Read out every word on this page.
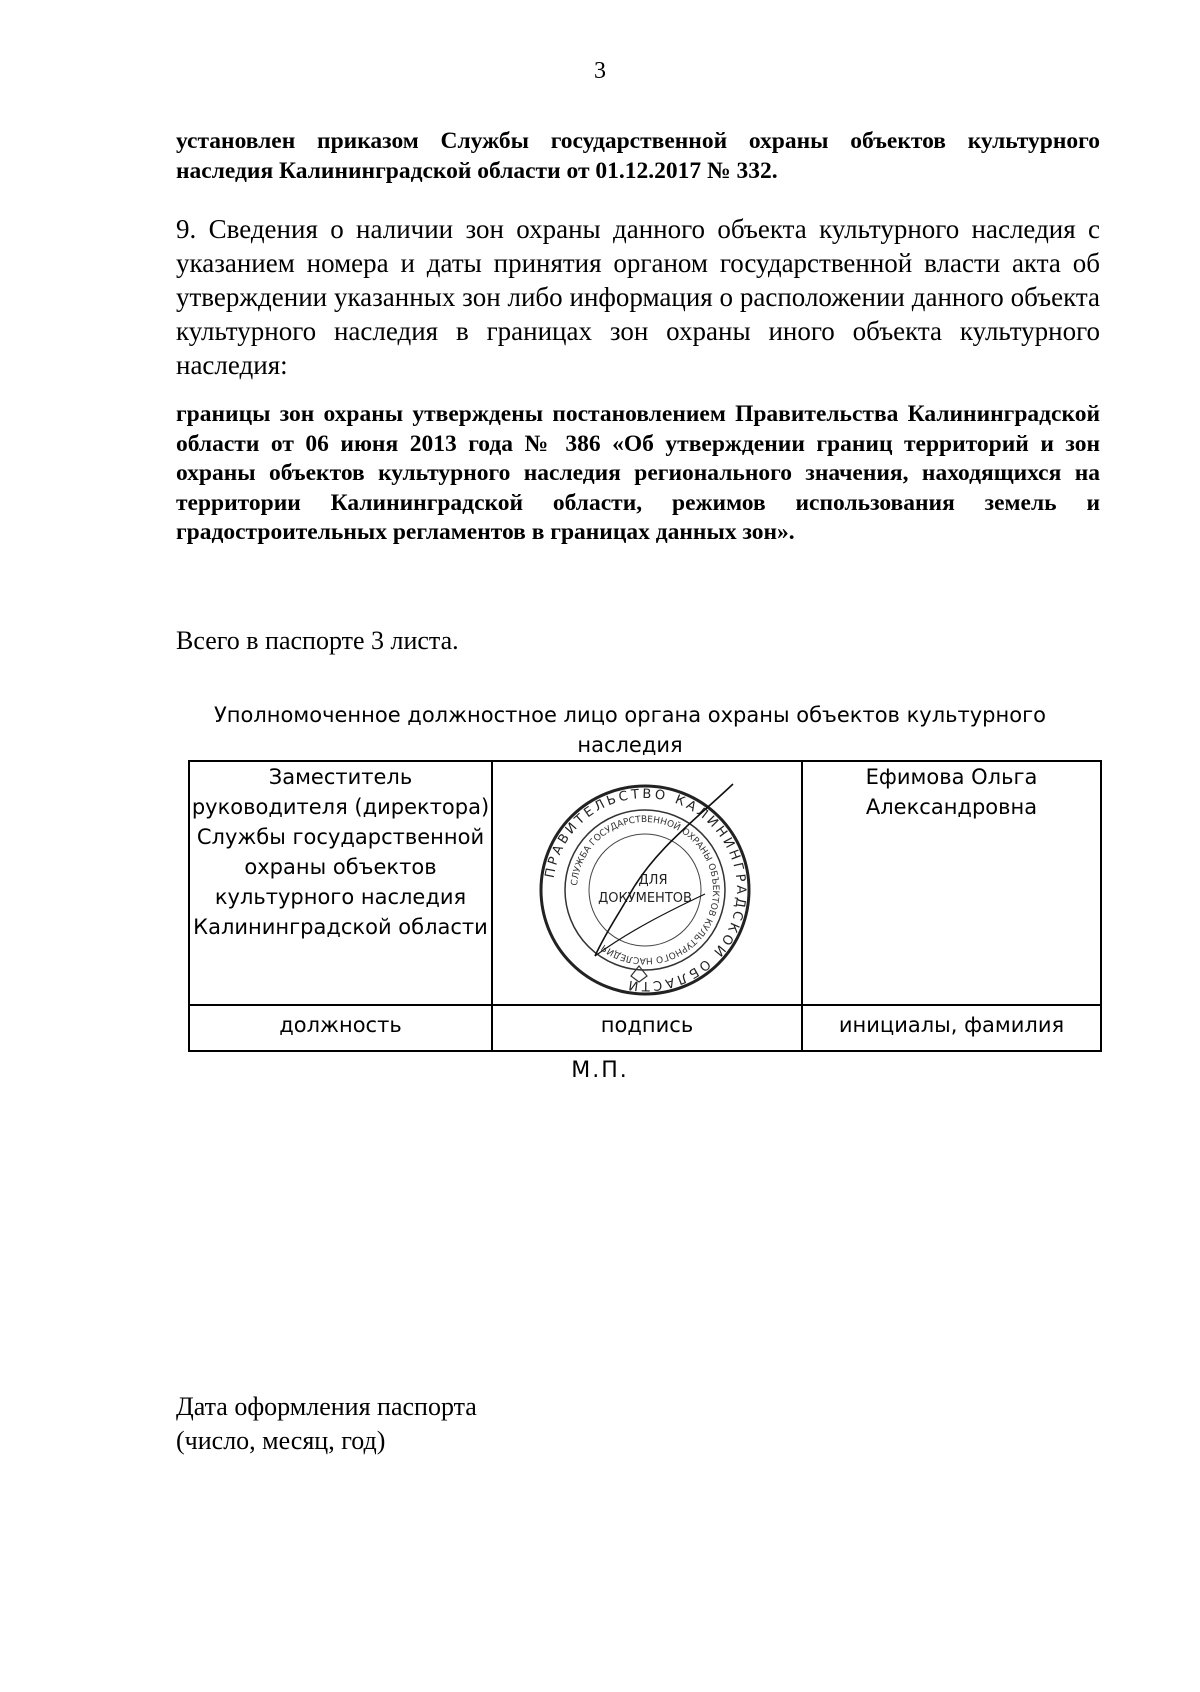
3
установлен приказом Службы государственной охраны объектов культурного
наследия Калининградской области от 01.12.2017 № 332.
9. Сведения о наличии зон охраны данного объекта культурного наследия с указанием номера и даты принятия органом государственной власти акта об утверждении указанных зон либо информация о расположении данного объекта культурного наследия в границах зон охраны иного объекта культурного наследия:
границы зон охраны утверждены постановлением Правительства Калининградской области от 06 июня 2013 года № 386 «Об утверждении границ территорий и зон охраны объектов культурного наследия регионального значения, находящихся на территории Калининградской области, режимов использования земель и градостроительных регламентов в границах данных зон».
Всего в паспорте 3 листа.
Уполномоченное должностное лицо органа охраны объектов культурного наследия
Заместитель руководителя (директора) Службы государственной охраны объектов культурного наследия Калининградской области	ПРАВИТЕЛЬСТВО КАЛИНИНГРАДСКОЙ ОБЛАСТИ
СЛУЖБА ГОСУДАРСТВЕННОЙ ОХРАНЫ ОБЪЕКТОВ КУЛЬТУРНОГО НАСЛЕДИЯ
ДЛЯ
ДОКУМЕНТОВ	Ефимова Ольга Александровна
должность	подпись	инициалы, фамилия
М.П.
Дата оформления паспорта
(число, месяц, год)
